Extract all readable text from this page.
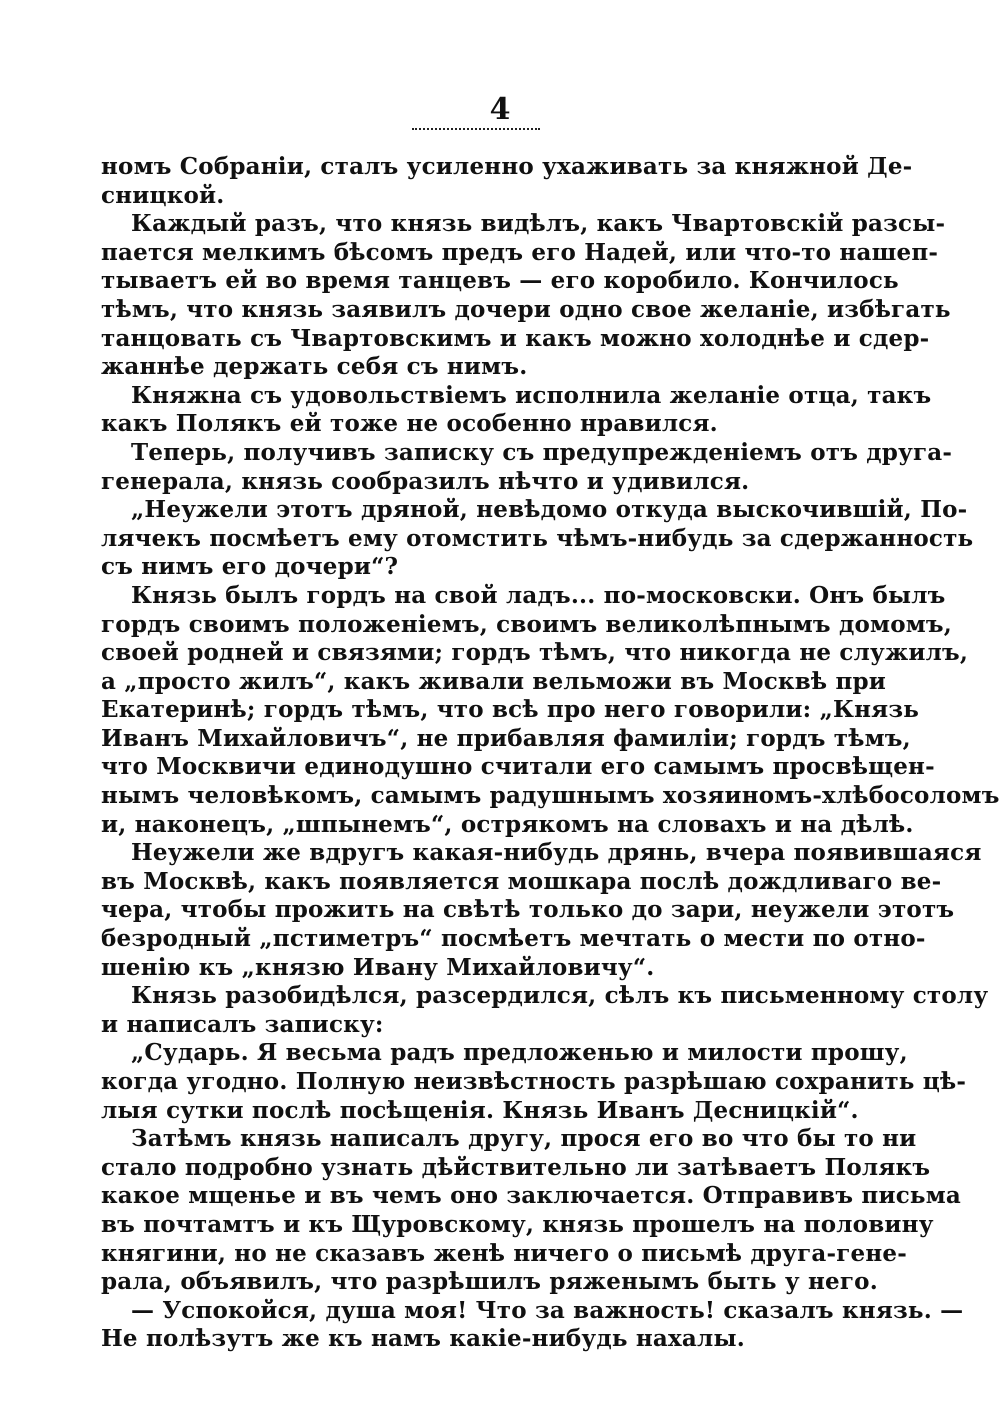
4
номъ Собраніи, сталъ усиленно ухаживать за княжной Де-
сницкой.
Каждый разъ, что князь видѣлъ, какъ Чвартовскій разсы-
пается мелкимъ бѣсомъ предъ его Надей, или что-то нашеп-
тываетъ ей во время танцевъ — его коробило. Кончилось
тѣмъ, что князь заявилъ дочери одно свое желаніе, избѣгать
танцовать съ Чвартовскимъ и какъ можно холоднѣе и сдер-
жаннѣе держать себя съ нимъ.
Княжна съ удовольствіемъ исполнила желаніе отца, такъ
какъ Полякъ ей тоже не особенно нравился.
Теперь, получивъ записку съ предупрежденіемъ отъ друга-
генерала, князь сообразилъ нѣчто и удивился.
„Неужели этотъ дряной, невѣдомо откуда выскочившій, По-
лячекъ посмѣетъ ему отомстить чѣмъ-нибудь за сдержанность
съ нимъ его дочери“?
Князь былъ гордъ на свой ладъ... по-московски. Онъ былъ
гордъ своимъ положеніемъ, своимъ великолѣпнымъ домомъ,
своей родней и связями; гордъ тѣмъ, что никогда не служилъ,
а „просто жилъ“, какъ живали вельможи въ Москвѣ при
Екатеринѣ; гордъ тѣмъ, что всѣ про него говорили: „Князь
Иванъ Михайловичъ“, не прибавляя фамиліи; гордъ тѣмъ,
что Москвичи единодушно считали его самымъ просвѣщен-
нымъ человѣкомъ, самымъ радушнымъ хозяиномъ-хлѣбосоломъ
и, наконецъ, „шпынемъ“, острякомъ на словахъ и на дѣлѣ.
Неужели же вдругъ какая-нибудь дрянь, вчера появившаяся
въ Москвѣ, какъ появляется мошкара послѣ дождливаго ве-
чера, чтобы прожить на свѣтѣ только до зари, неужели этотъ
безродный „пстиметръ“ посмѣетъ мечтать о мести по отно-
шенію къ „князю Ивану Михайловичу“.
Князь разобидѣлся, разсердился, сѣлъ къ письменному столу
и написалъ записку:
„Сударь. Я весьма радъ предложенью и милости прошу,
когда угодно. Полную неизвѣстность разрѣшаю сохранить цѣ-
лыя сутки послѣ посѣщенія. Князь Иванъ Десницкій“.
Затѣмъ князь написалъ другу, прося его во что бы то ни
стало подробно узнать дѣйствительно ли затѣваетъ Полякъ
какое мщенье и въ чемъ оно заключается. Отправивъ письма
въ почтамтъ и къ Щуровскому, князь прошелъ на половину
княгини, но не сказавъ женѣ ничего о письмѣ друга-гене-
рала, объявилъ, что разрѣшилъ ряженымъ быть у него.
— Успокойся, душа моя! Что за важность! сказалъ князь. —
Не полѣзутъ же къ намъ какіе-нибудь нахалы.
